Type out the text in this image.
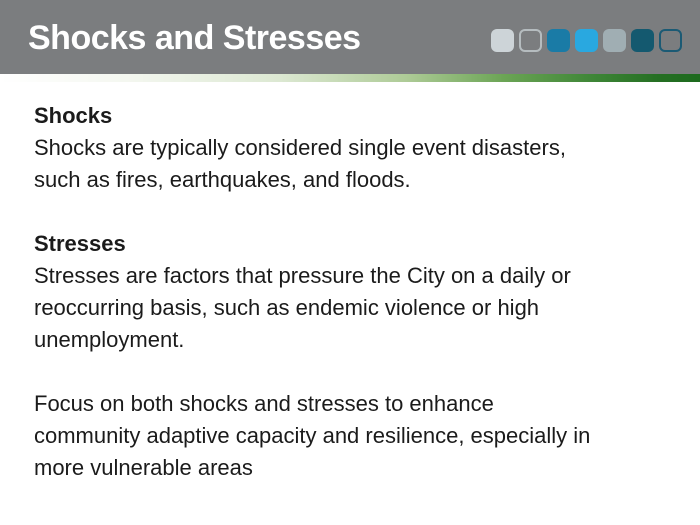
Shocks and Stresses
Shocks
Shocks are typically considered single event disasters,
such as fires, earthquakes, and floods.
Stresses
Stresses are factors that pressure the City on a daily or
reoccurring basis, such as endemic violence or high
unemployment.
Focus on both shocks and stresses to enhance
community adaptive capacity and resilience, especially in
more vulnerable areas
